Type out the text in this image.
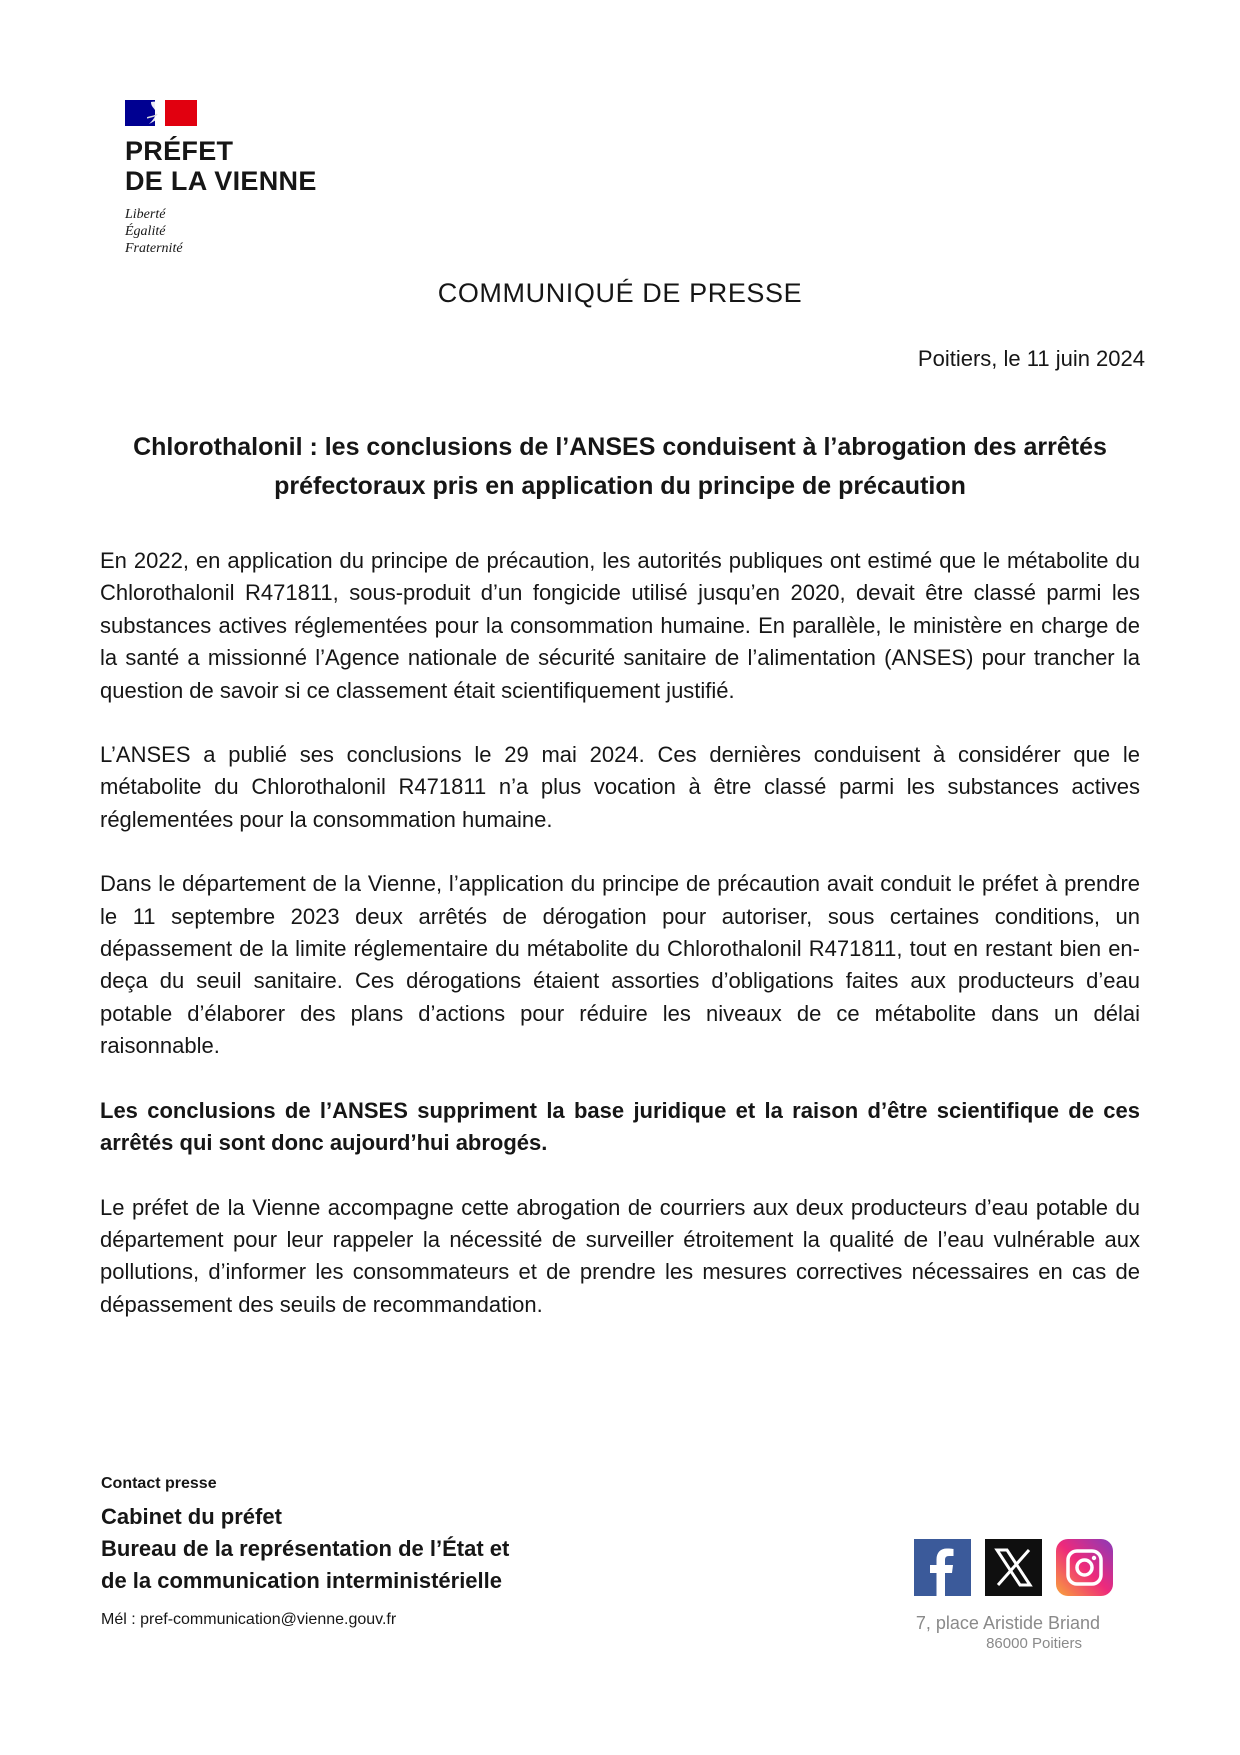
PRÉFET
DE LA VIENNE
Liberté
Égalité
Fraternité
COMMUNIQUÉ DE PRESSE
Poitiers, le 11 juin 2024
Chlorothalonil : les conclusions de l’ANSES conduisent à l’abrogation des arrêtés préfectoraux pris en application du principe de précaution

En 2022, en application du principe de précaution, les autorités publiques ont estimé que le métabolite du Chlorothalonil R471811, sous-produit d’un fongicide utilisé jusqu’en 2020, devait être classé parmi les substances actives réglementées pour la consommation humaine. En parallèle, le ministère en charge de la santé a missionné l’Agence nationale de sécurité sanitaire de l’alimentation (ANSES) pour trancher la question de savoir si ce classement était scientifiquement justifié.

L’ANSES a publié ses conclusions le 29 mai 2024. Ces dernières conduisent à considérer que le métabolite du Chlorothalonil R471811 n’a plus vocation à être classé parmi les substances actives réglementées pour la consommation humaine.

Dans le département de la Vienne, l’application du principe de précaution avait conduit le préfet à prendre le 11 septembre 2023 deux arrêtés de dérogation pour autoriser, sous certaines conditions, un dépassement de la limite réglementaire du métabolite du Chlorothalonil R471811, tout en restant bien en-deça du seuil sanitaire. Ces dérogations étaient assorties d’obligations faites aux producteurs d’eau potable d’élaborer des plans d’actions pour réduire les niveaux de ce métabolite dans un délai raisonnable.

Les conclusions de l’ANSES suppriment la base juridique et la raison d’être scientifique de ces arrêtés qui sont donc aujourd’hui abrogés.

Le préfet de la Vienne accompagne cette abrogation de courriers aux deux producteurs d’eau potable du département pour leur rappeler la nécessité de surveiller étroitement la qualité de l’eau vulnérable aux pollutions, d’informer les consommateurs et de prendre les mesures correctives nécessaires en cas de dépassement des seuils de recommandation.

Contact presse
Cabinet du préfet
Bureau de la représentation de l’État et
de la communication interministérielle
Mél : pref-communication@vienne.gouv.fr	7, place Aristide Briand
86000 Poitiers
